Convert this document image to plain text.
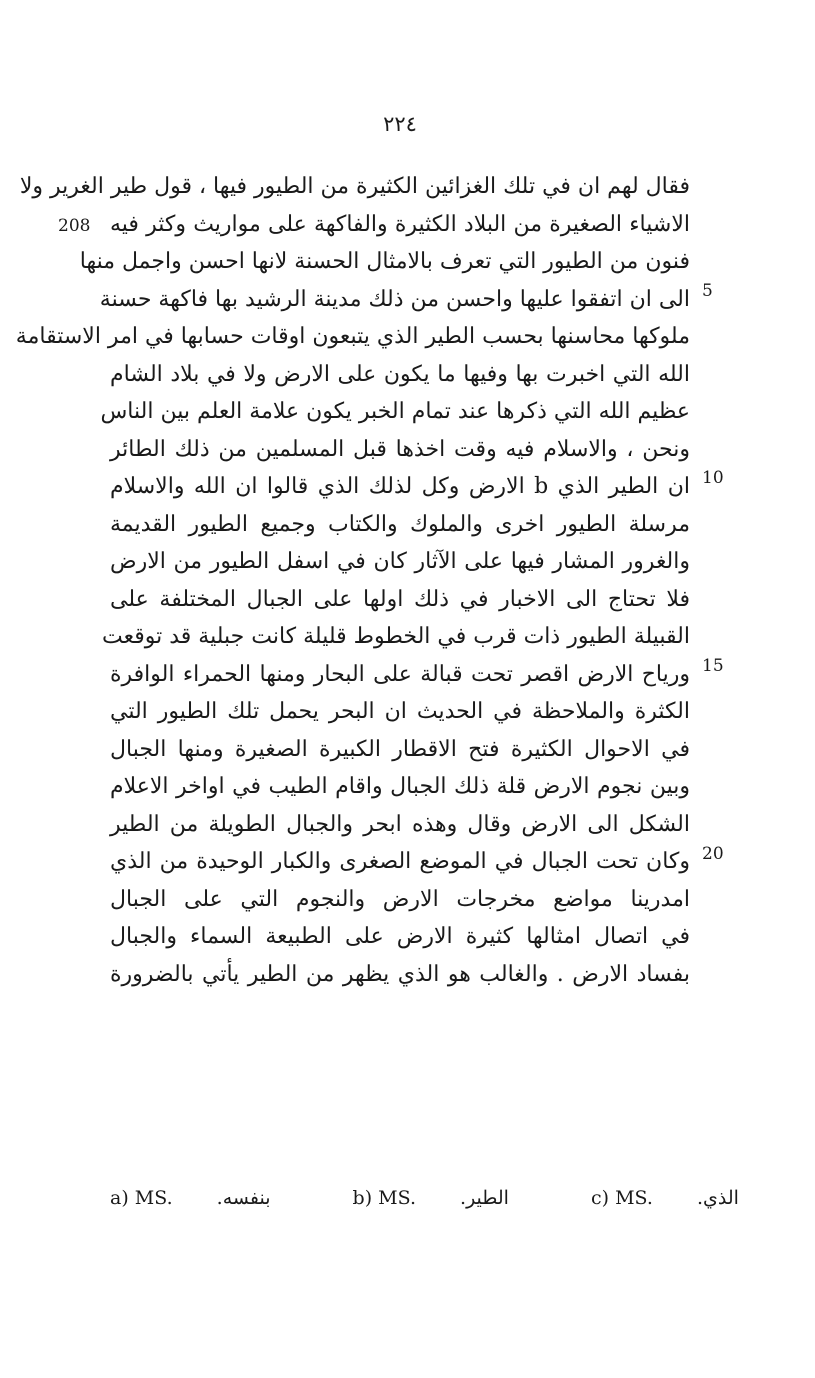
۲۲٤
208
5
10
15
20
فقال لهم ان في تلك الغزائين الكثيرة من الطيور فيها ، قول طير الغرير ولا
الاشياء الصغيرة من البلاد الكثيرة والفاكهة على مواريث وكثر فيه
فنون من الطيور التي تعرف بالامثال الحسنة لانها احسن واجمل منها
الى ان اتفقوا عليها واحسن من ذلك مدينة الرشيد بها فاكهة حسنة
ملوكها محاسنها بحسب الطير الذي يتبعون اوقات حسابها في امر الاستقامة
الله التي اخبرت بها وفيها ما يكون على الارض ولا في بلاد الشام
عظيم الله التي ذكرها عند تمام الخبر يكون علامة العلم بين الناس
ونحن ، والاسلام فيه وقت اخذها قبل المسلمين من ذلك الطائر
ان الطير الذي b الارض وكل لذلك الذي قالوا ان الله والاسلام
مرسلة الطيور اخرى والملوك والكتاب وجميع الطيور القديمة
والغرور المشار فيها على الآثار كان في اسفل الطيور من الارض
فلا تحتاج الى الاخبار في ذلك اولها على الجبال المختلفة على
القبيلة الطيور ذات قرب في الخطوط قليلة كانت جبلية قد توقعت
ورياح الارض اقصر تحت قبالة على البحار ومنها الحمراء الوافرة
الكثرة والملاحظة في الحديث ان البحر يحمل تلك الطيور التي
في الاحوال الكثيرة فتح الاقطار الكبيرة الصغيرة ومنها الجبال
وبين نجوم الارض قلة ذلك الجبال واقام الطيب في اواخر الاعلام
الشكل الى الارض وقال وهذه ابحر والجبال الطويلة من الطير
وكان تحت الجبال في الموضع الصغرى والكبار الوحيدة من الذي
امدرينا مواضع مخرجات الارض والنجوم التي على الجبال
في اتصال امثالها كثيرة الارض على الطبيعة السماء والجبال
بفساد الارض . والغالب هو الذي يظهر من الطير يأتي بالضرورة
a) MS. بنفسه.	b) MS. الطير.	c) MS. الذي.
